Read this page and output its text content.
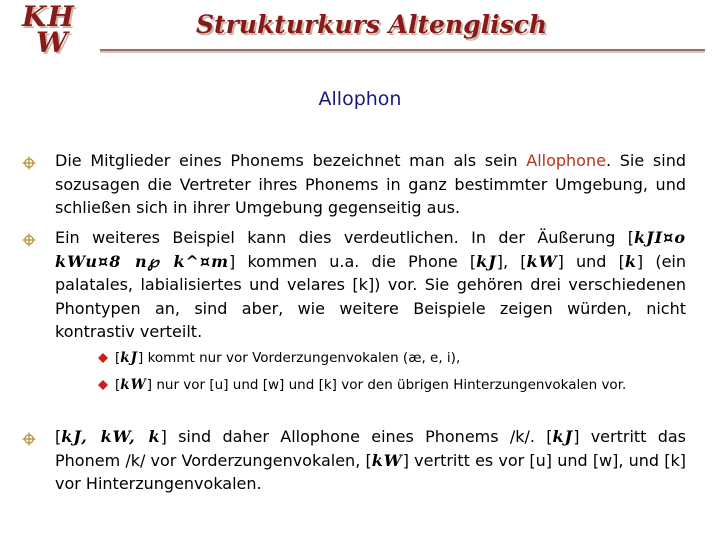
KH
W
Strukturkurs Altenglisch
Allophon
Die Mitglieder eines Phonems bezeichnet man als sein Allophone. Sie sind sozusagen die Vertreter ihres Phonems in ganz bestimmter Umgebung, und schließen sich in ihrer Umgebung gegenseitig aus.
Ein weiteres Beispiel kann dies verdeutlichen. In der Äußerung [kJI¤o kWu¤8 n℘ k^¤m] kommen u.a. die Phone [kJ], [kW] und [k] (ein palatales, labialisiertes und velares [k]) vor. Sie gehören drei verschiedenen Phontypen an, sind aber, wie weitere Beispiele zeigen würden, nicht kontrastiv verteilt.
[kJ] kommt nur vor Vorderzungenvokalen (æ, e, i),
[kW] nur vor [u] und [w] und [k] vor den übrigen Hinterzungenvokalen vor.
[kJ, kW, k] sind daher Allophone eines Phonems /k/. [kJ] vertritt das Phonem /k/ vor Vorderzungenvokalen, [kW] vertritt es vor [u] und [w], und [k] vor Hinterzungenvokalen.
